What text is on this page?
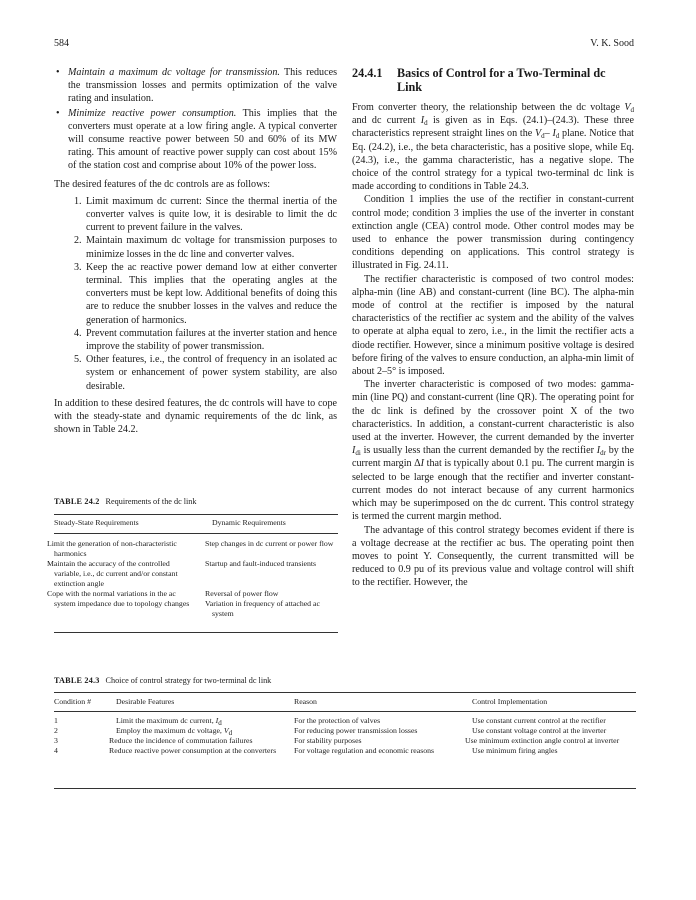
584	V. K. Sood

• Maintain a maximum dc voltage for transmission. This reduces the transmission losses and permits optimization of the valve rating and insulation.

• Minimize reactive power consumption. This implies that the converters must operate at a low firing angle. A typical converter will consume reactive power between 50 and 60% of its MW rating. This amount of reactive power supply can cost about 15% of the station cost and comprise about 10% of the power loss.

The desired features of the dc controls are as follows:

1. Limit maximum dc current: Since the thermal inertia of the converter valves is quite low, it is desirable to limit the dc current to prevent failure in the valves.

2. Maintain maximum dc voltage for transmission purposes to minimize losses in the dc line and converter valves.

3. Keep the ac reactive power demand low at either converter terminal. This implies that the operating angles at the converters must be kept low. Additional benefits of doing this are to reduce the snubber losses in the valves and reduce the generation of harmonics.

4. Prevent commutation failures at the inverter station and hence improve the stability of power transmission.

5. Other features, i.e., the control of frequency in an isolated ac system or enhancement of power system stability, are also desirable.

In addition to these desired features, the dc controls will have to cope with the steady-state and dynamic requirements of the dc link, as shown in Table 24.2.

TABLE 24.2 Requirements of the dc link
Steady-State Requirements	Dynamic Requirements
Limit the generation of non-characteristic harmonics	Step changes in dc current or power flow
Maintain the accuracy of the controlled variable, i.e., dc current and/or constant extinction angle	Startup and fault-induced transients
Cope with the normal variations in the ac system impedance due to topology changes	Reversal of power flow
	Variation in frequency of attached ac system
24.4.1 Basics of Control for a Two-Terminal dc Link

From converter theory, the relationship between the dc voltage $V_d$ and dc current $I_d$ is given as in Eqs. (24.1)–(24.3). These three characteristics represent straight lines on the $V_d-$ $I_d$ plane. Notice that Eq. (24.2), i.e., the beta characteristic, has a positive slope, while Eq. (24.3), i.e., the gamma characteristic, has a negative slope. The choice of the control strategy for a typical two-terminal dc link is made according to conditions in Table 24.3.

Condition 1 implies the use of the rectifier in constant-current control mode; condition 3 implies the use of the inverter in constant extinction angle (CEA) control mode. Other control modes may be used to enhance the power transmission during contingency conditions depending on applications. This control strategy is illustrated in Fig. 24.11.

The rectifier characteristic is composed of two control modes: alpha-min (line AB) and constant-current (line BC). The alpha-min mode of control at the rectifier is imposed by the natural characteristics of the rectifier ac system and the ability of the valves to operate at alpha equal to zero, i.e., in the limit the rectifier acts a diode rectifier. However, since a minimum positive voltage is desired before firing of the valves to ensure conduction, an alpha-min limit of about 2–5° is imposed.

The inverter characteristic is composed of two modes: gamma-min (line PQ) and constant-current (line QR). The operating point for the dc link is defined by the crossover point X of the two characteristics. In addition, a constant-current characteristic is also used at the inverter. However, the current demanded by the inverter $I_{di}$ is usually less than the current demanded by the rectifier $I_{dr}$ by the current margin ΔI that is typically about 0.1 pu. The current margin is selected to be large enough that the rectifier and inverter constant-current modes do not interact because of any current harmonics which may be superimposed on the dc current. This control strategy is termed the current margin method.

The advantage of this control strategy becomes evident if there is a voltage decrease at the rectifier ac bus. The operating point then moves to point Y. Consequently, the current transmitted will be reduced to 0.9 pu of its previous value and voltage control will shift to the rectifier. However, the

TABLE 24.3 Choice of control strategy for two-terminal dc link
Condition #	Desirable Features	Reason	Control Implementation
1	Limit the maximum dc current, $I_d$	For the protection of valves	Use constant current control at the rectifier
2	Employ the maximum dc voltage, $V_d$	For reducing power transmission losses	Use constant voltage control at the inverter
3	Reduce the incidence of commutation failures	For stability purposes	Use minimum extinction angle control at inverter
4	Reduce reactive power consumption at the converters	For voltage regulation and economic reasons	Use minimum firing angles
